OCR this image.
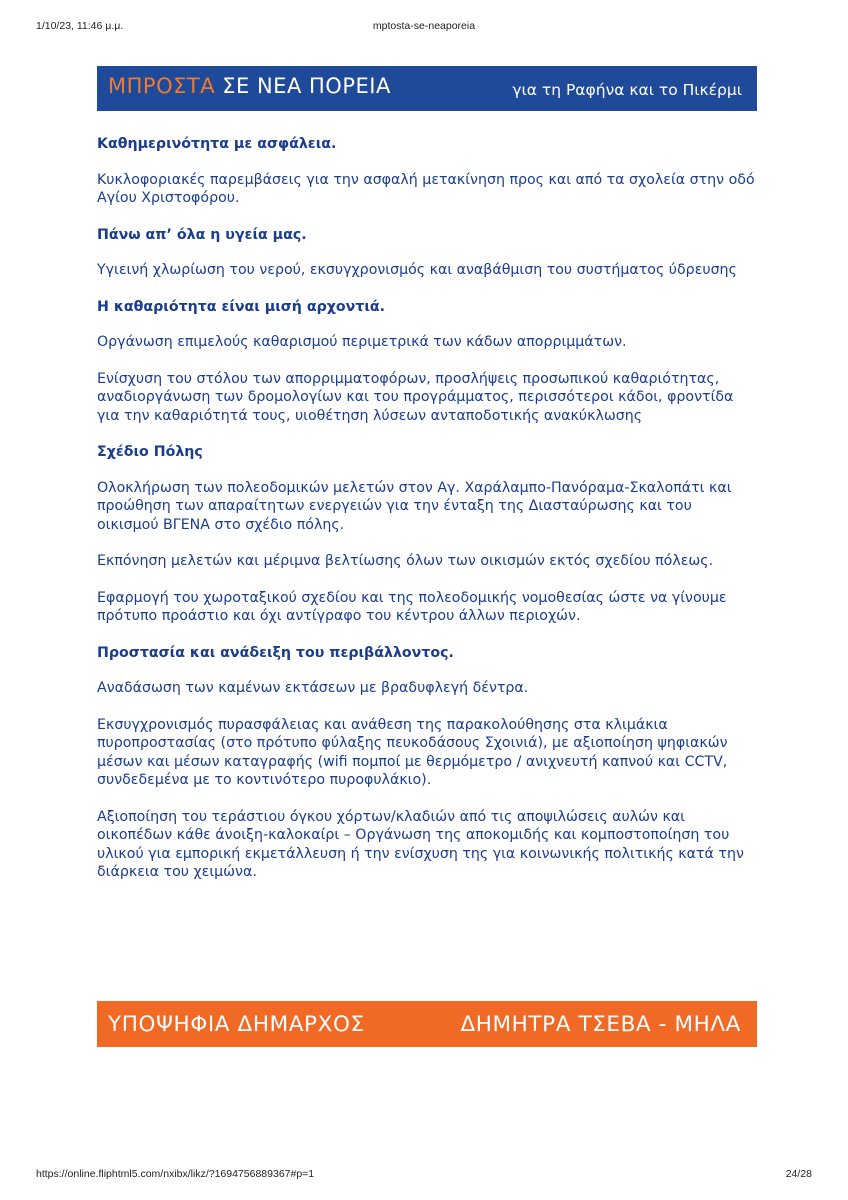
1/10/23, 11:46 μ.μ.	mptosta-se-neaporeia
ΜΠΡΟΣΤΑ ΣΕ ΝΕΑ ΠΟΡΕΙΑ	για τη Ραφήνα και το Πικέρμι
Καθημερινότητα με ασφάλεια.

Κυκλοφοριακές παρεμβάσεις για την ασφαλή μετακίνηση προς και από τα σχολεία στην οδό Αγίου Χριστοφόρου.

Πάνω απ’ όλα η υγεία μας.

Υγιεινή χλωρίωση του νερού, εκσυγχρονισμός και αναβάθμιση του συστήματος ύδρευσης

Η καθαριότητα είναι μισή αρχοντιά.

Οργάνωση επιμελούς καθαρισμού περιμετρικά των κάδων απορριμμάτων.

Ενίσχυση του στόλου των απορριμματοφόρων, προσλήψεις προσωπικού καθαριότητας, αναδιοργάνωση των δρομολογίων και του προγράμματος, περισσότεροι κάδοι, φροντίδα για την καθαριότητά τους, υιοθέτηση λύσεων ανταποδοτικής ανακύκλωσης

Σχέδιο Πόλης

Ολοκλήρωση των πολεοδομικών μελετών στον Αγ. Χαράλαμπο-Πανόραμα-Σκαλοπάτι και προώθηση των απαραίτητων ενεργειών για την ένταξη της Διασταύρωσης και του οικισμού ΒΓΕΝΑ στο σχέδιο πόλης.

Εκπόνηση μελετών και μέριμνα βελτίωσης όλων των οικισμών εκτός σχεδίου πόλεως.

Εφαρμογή του χωροταξικού σχεδίου και της πολεοδομικής νομοθεσίας ώστε να γίνουμε πρότυπο προάστιο και όχι αντίγραφο του κέντρου άλλων περιοχών.

Προστασία και ανάδειξη του περιβάλλοντος.

Αναδάσωση των καμένων εκτάσεων με βραδυφλεγή δέντρα.

Εκσυγχρονισμός πυρασφάλειας και ανάθεση της παρακολούθησης στα κλιμάκια πυροπροστασίας (στο πρότυπο φύλαξης πευκοδάσους Σχοινιά), με αξιοποίηση ψηφιακών μέσων και μέσων καταγραφής (wifi πομποί με θερμόμετρο / ανιχνευτή καπνού και CCTV, συνδεδεμένα με το κοντινότερο πυροφυλάκιο).

Αξιοποίηση του τεράστιου όγκου χόρτων/κλαδιών από τις αποψιλώσεις αυλών και οικοπέδων κάθε άνοιξη-καλοκαίρι – Οργάνωση της αποκομιδής και κομποστοποίηση του υλικού για εμπορική εκμετάλλευση ή την ενίσχυση της για κοινωνικής πολιτικής κατά την διάρκεια του χειμώνα.

ΥΠΟΨΗΦΙΑ ΔΗΜΑΡΧΟΣ	ΔΗΜΗΤΡΑ ΤΣΕΒΑ - ΜΗΛΑ
https://online.fliphtml5.com/nxibx/likz/?1694756889367#p=1	24/28
